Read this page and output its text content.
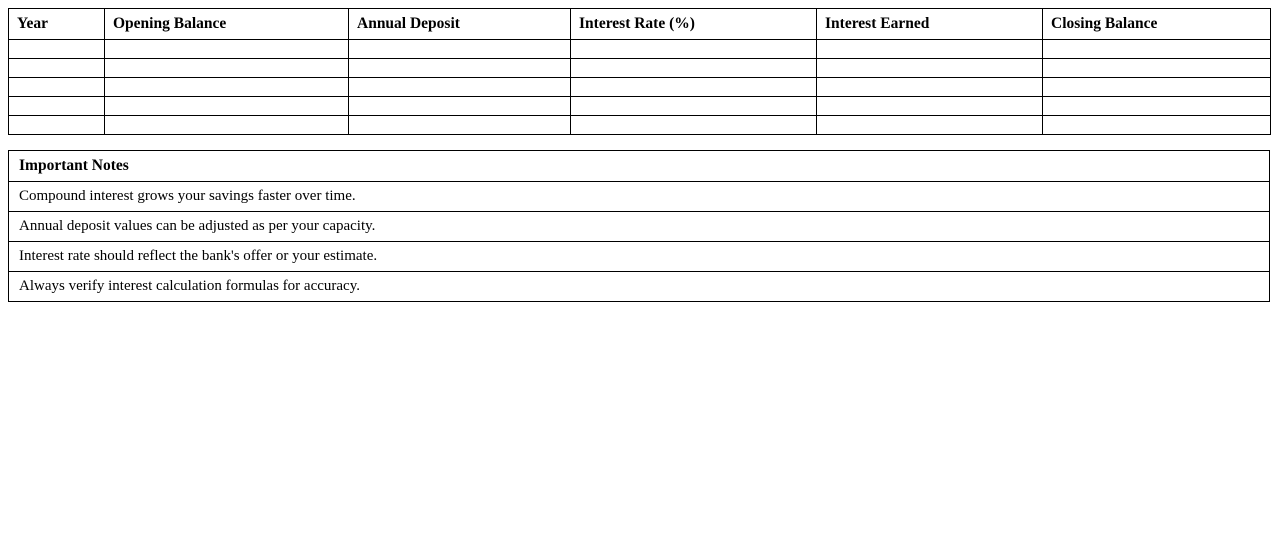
Year	Opening Balance	Annual Deposit	Interest Rate (%)	Interest Earned	Closing Balance

Important Notes
Compound interest grows your savings faster over time.
Annual deposit values can be adjusted as per your capacity.
Interest rate should reflect the bank's offer or your estimate.
Always verify interest calculation formulas for accuracy.
